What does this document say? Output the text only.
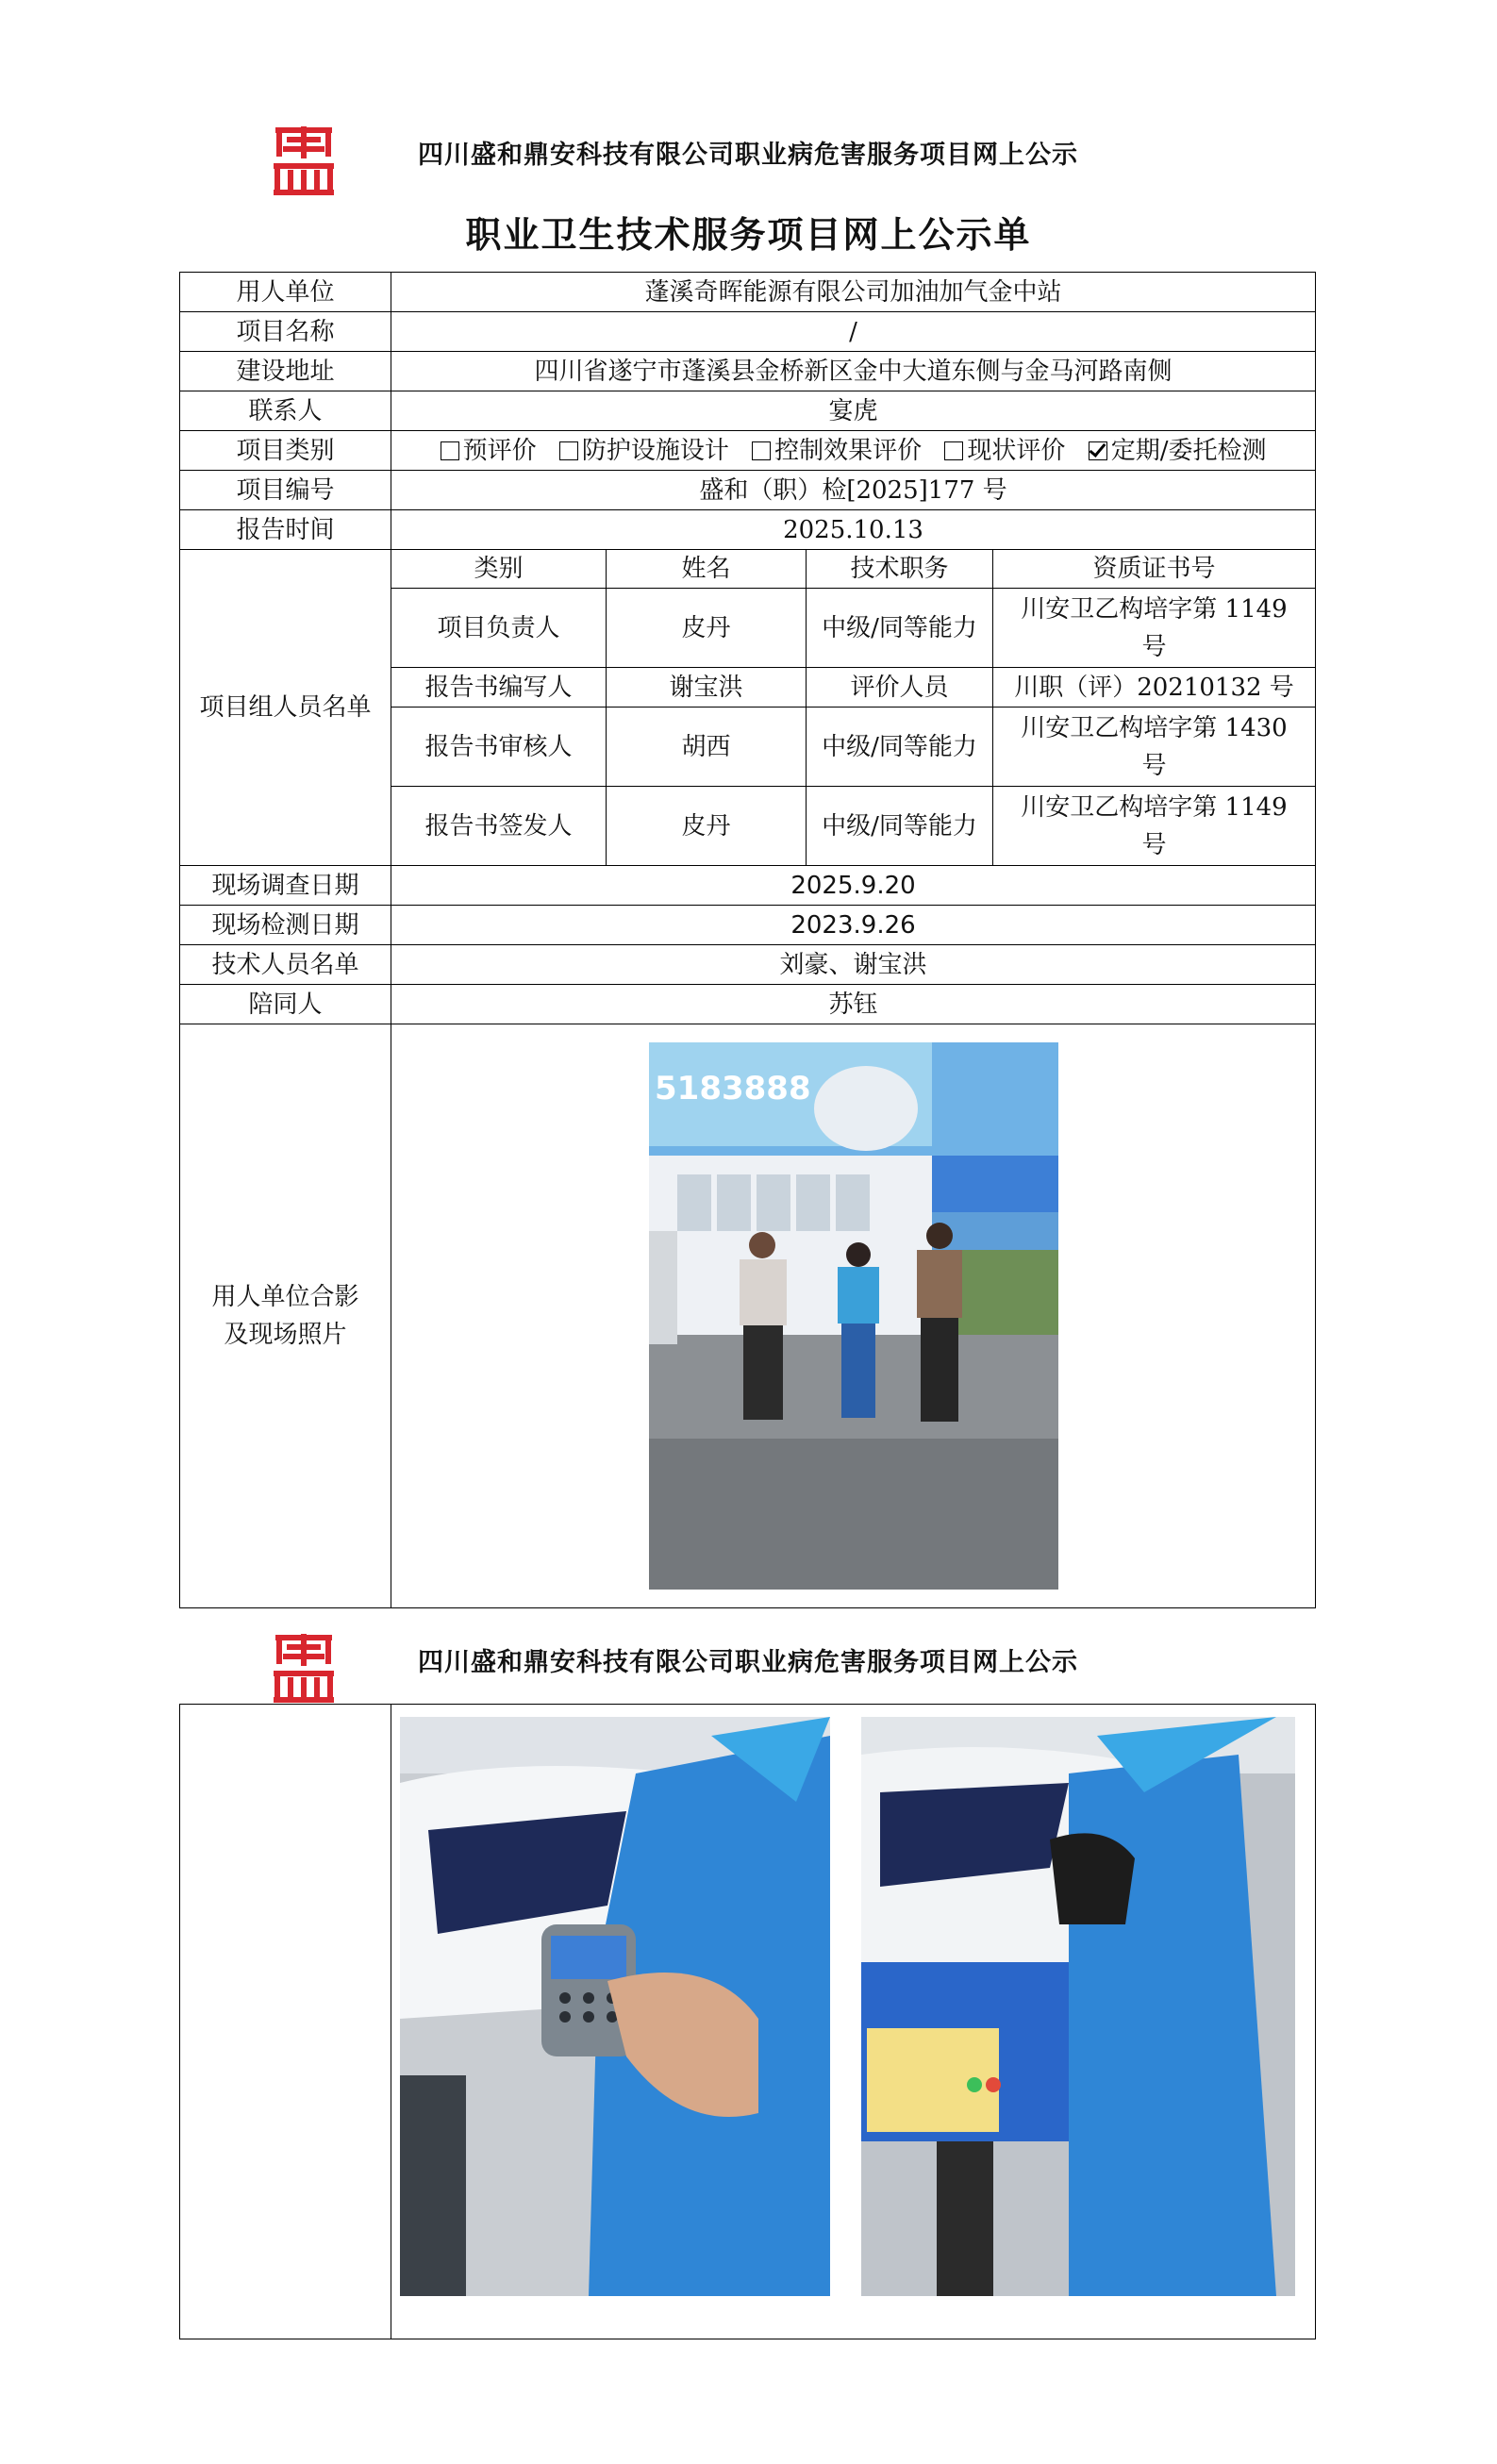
四川盛和鼎安科技有限公司职业病危害服务项目网上公示
职业卫生技术服务项目网上公示单
用人单位	蓬溪奇晖能源有限公司加油加气金中站			
项目名称	/			
建设地址	四川省遂宁市蓬溪县金桥新区金中大道东侧与金马河路南侧			
联系人	宴虎			
项目类别	预评价 防护设施设计 控制效果评价 现状评价 定期/委托检测			
项目编号	盛和（职）检[2025]177 号			
报告时间	2025.10.13			
项目组人员名单	类别	姓名	技术职务	资质证书号
	项目负责人	皮丹	中级/同等能力	川安卫乙构培字第 1149 号
	报告书编写人	谢宝洪	评价人员	川职（评）20210132 号
	报告书审核人	胡西	中级/同等能力	川安卫乙构培字第 1430 号
	报告书签发人	皮丹	中级/同等能力	川安卫乙构培字第 1149 号
现场调查日期	2025.9.20			
现场检测日期	2023.9.26			
技术人员名单	刘豪、谢宝洪			
陪同人	苏钰			
用人单位合影及现场照片	5183888			
四川盛和鼎安科技有限公司职业病危害服务项目网上公示
